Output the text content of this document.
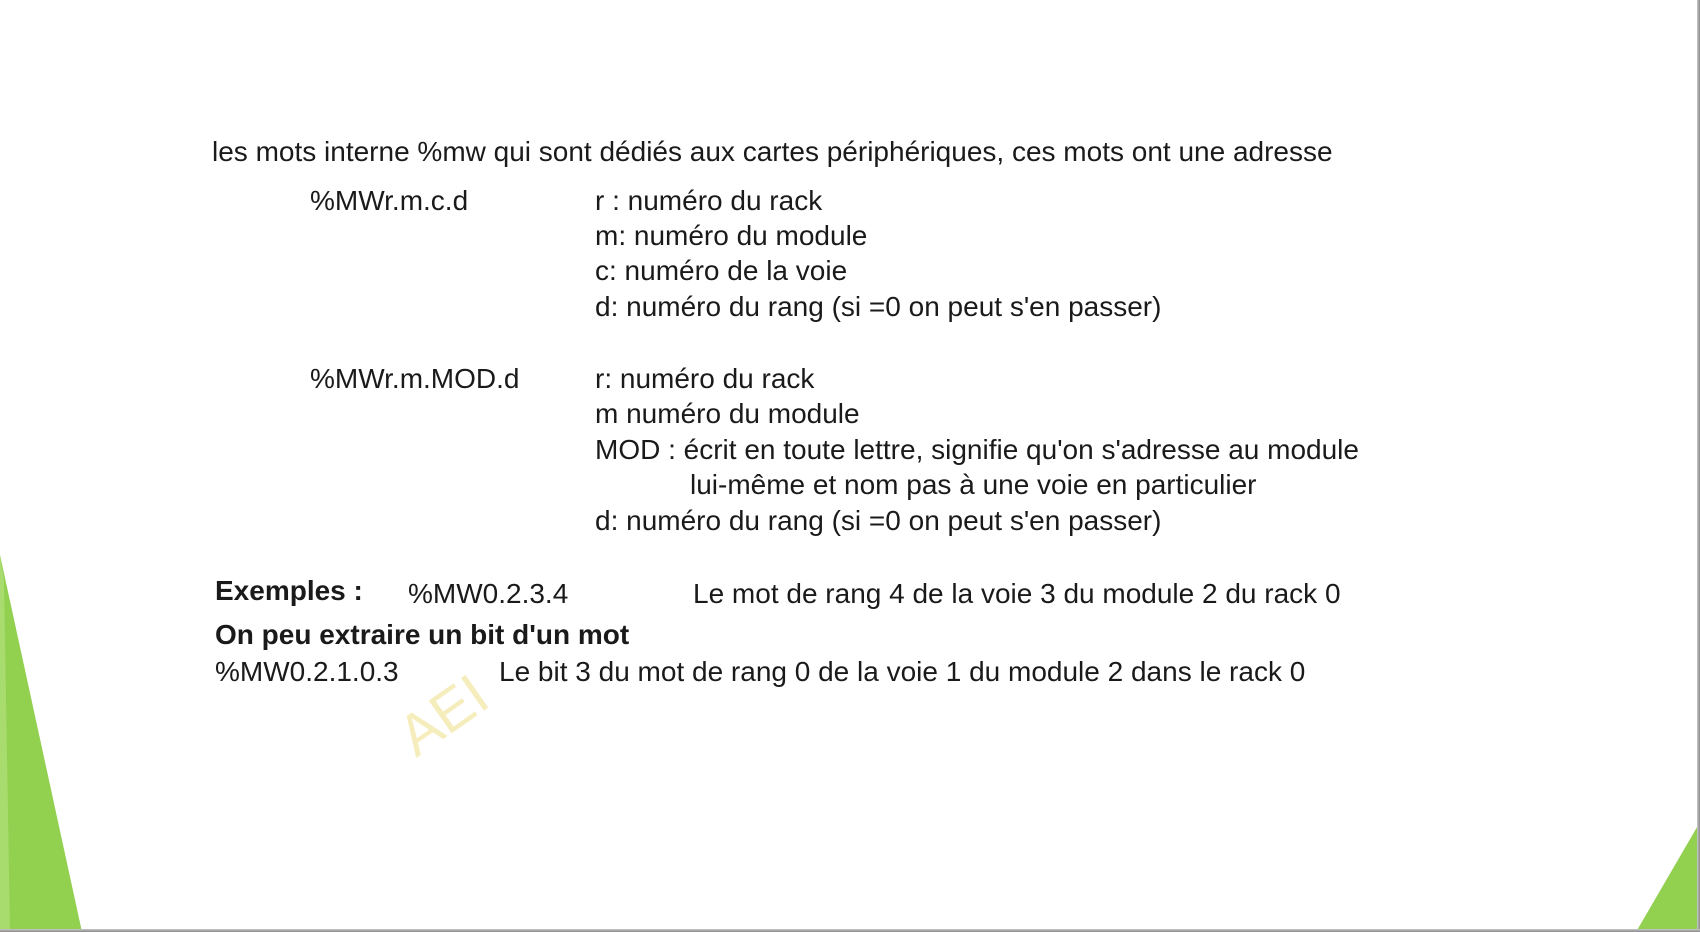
AEI

les mots interne %mw qui sont dédiés aux cartes périphériques, ces mots ont une adresse

%MWr.m.c.d	r : numéro du rack

m: numéro du module

c: numéro de la voie

d: numéro du rang (si =0 on peut s'en passer)

%MWr.m.MOD.d	r: numéro du rack

m numéro du module

MOD : écrit en toute lettre, signifie qu'on s'adresse au module

lui-même et nom pas à une voie en particulier

d: numéro du rang (si =0 on peut s'en passer)

Exemples : %MW0.2.3.4	Le mot de rang 4 de la voie 3 du module 2 du rack 0

On peu extraire un bit d'un mot

%MW0.2.1.0.3	Le bit 3 du mot de rang 0 de la voie 1 du module 2 dans le rack 0
